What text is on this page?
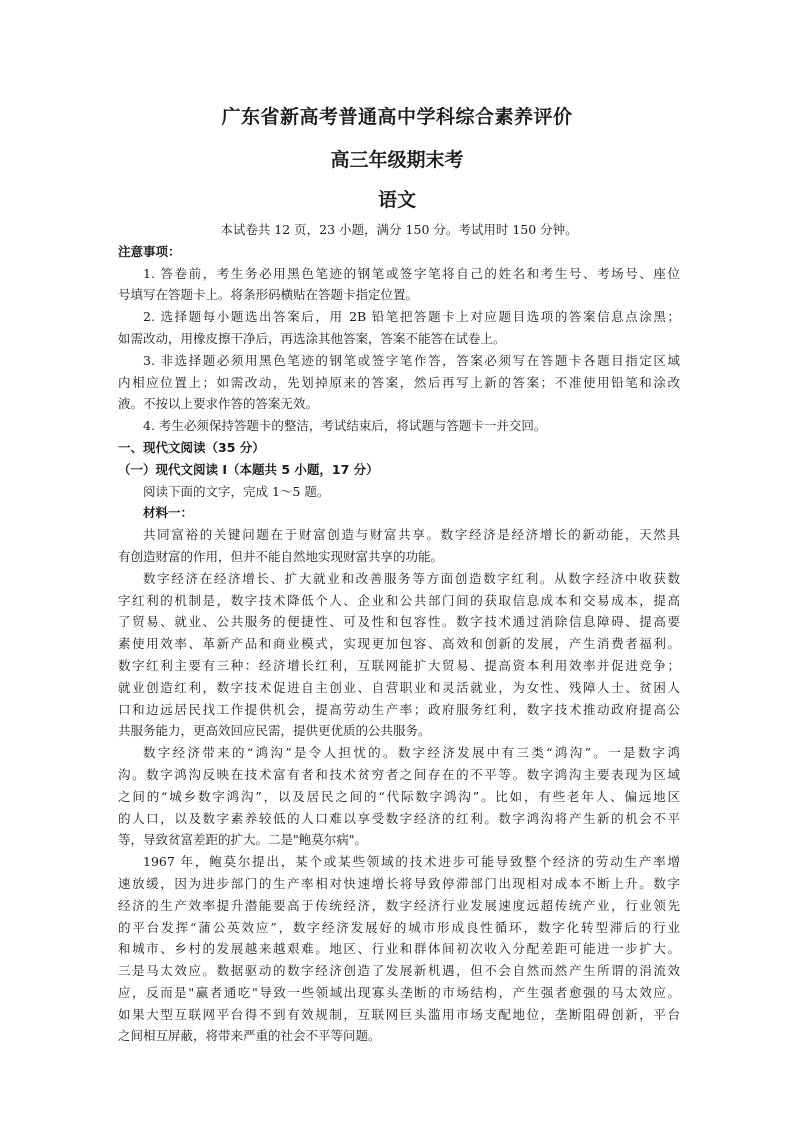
广东省新高考普通高中学科综合素养评价
高三年级期末考
语文
本试卷共 12 页，23 小题，满分 150 分。考试用时 150 分钟。
注意事项：
1. 答卷前，考生务必用黑色笔迹的钢笔或签字笔将自己的姓名和考生号、考场号、座位
号填写在答题卡上。将条形码横贴在答题卡指定位置。
2. 选择题每小题选出答案后，用 2B 铅笔把答题卡上对应题目选项的答案信息点涂黑；
如需改动，用橡皮擦干净后，再选涂其他答案，答案不能答在试卷上。
3. 非选择题必须用黑色笔迹的钢笔或签字笔作答，答案必须写在答题卡各题目指定区域
内相应位置上；如需改动，先划掉原来的答案，然后再写上新的答案；不准使用铅笔和涂改
液。不按以上要求作答的答案无效。
4. 考生必须保持答题卡的整洁，考试结束后，将试题与答题卡一并交回。
一、现代文阅读（35 分）
（一）现代文阅读 I（本题共 5 小题，17 分）
阅读下面的文字，完成 1～5 题。
材料一：
共同富裕的关键问题在于财富创造与财富共享。数字经济是经济增长的新动能，天然具
有创造财富的作用，但并不能自然地实现财富共享的功能。
数字经济在经济增长、扩大就业和改善服务等方面创造数字红利。从数字经济中收获数
字红利的机制是，数字技术降低个人、企业和公共部门间的获取信息成本和交易成本，提高
了贸易、就业、公共服务的便捷性、可及性和包容性。数字技术通过消除信息障碍、提高要
素使用效率、革新产品和商业模式，实现更加包容、高效和创新的发展，产生消费者福利。
数字红利主要有三种：经济增长红利，互联网能扩大贸易、提高资本利用效率并促进竞争；
就业创造红利，数字技术促进自主创业、自营职业和灵活就业，为女性、残障人士、贫困人
口和边远居民找工作提供机会，提高劳动生产率；政府服务红利，数字技术推动政府提高公
共服务能力，更高效回应民需，提供更优质的公共服务。
数字经济带来的“鸿沟”是令人担忧的。数字经济发展中有三类“鸿沟”。一是数字鸿
沟。数字鸿沟反映在技术富有者和技术贫穷者之间存在的不平等。数字鸿沟主要表现为区域
之间的“城乡数字鸿沟”，以及居民之间的“代际数字鸿沟”。比如，有些老年人、偏远地区
的人口，以及数字素养较低的人口难以享受数字经济的红利。数字鸿沟将产生新的机会不平
等，导致贫富差距的扩大。二是"鲍莫尔病"。
1967 年，鲍莫尔提出，某个或某些领域的技术进步可能导致整个经济的劳动生产率增
速放缓，因为进步部门的生产率相对快速增长将导致停滞部门出现相对成本不断上升。数字
经济的生产效率提升潜能要高于传统经济，数字经济行业发展速度远超传统产业，行业领先
的平台发挥“蒲公英效应”，数字经济发展好的城市形成良性循环，数字化转型滞后的行业
和城市、乡村的发展越来越艰难。地区、行业和群体间初次收入分配差距可能进一步扩大。
三是马太效应。数据驱动的数字经济创造了发展新机遇，但不会自然而然产生所谓的涓流效
应，反而是"赢者通吃"导致一些领域出现寡头垄断的市场结构，产生强者愈强的马太效应。
如果大型互联网平台得不到有效规制，互联网巨头滥用市场支配地位，垄断阻碍创新，平台
之间相互屏蔽，将带来严重的社会不平等问题。
